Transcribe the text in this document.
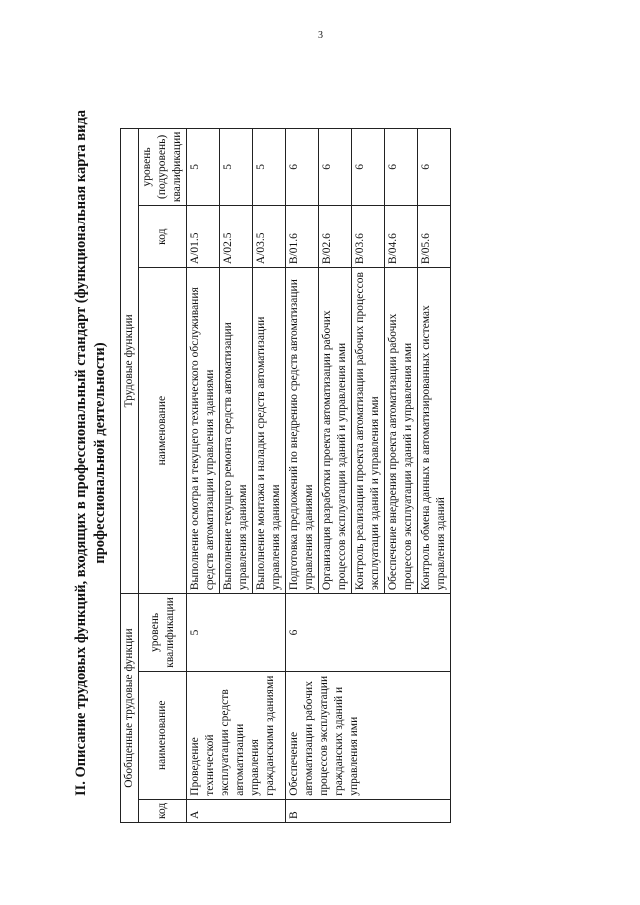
3
II. Описание трудовых функций, входящих в профессиональный стандарт (функциональная карта вида профессиональной деятельности)
Обобщенные трудовые функции			Трудовые функции		
код	наименование	уровень квалификации	наименование	код	уровень (подуровень) квалификации
A	Проведение технической эксплуатации средств автоматизации управления гражданскими зданиями	5	Выполнение осмотра и текущего технического обслуживания средств автоматизации управления зданиями	A/01.5	5
			Выполнение текущего ремонта средств автоматизации управления зданиями	A/02.5	5
			Выполнение монтажа и наладки средств автоматизации управления зданиями	A/03.5	5
B	Обеспечение автоматизации рабочих процессов эксплуатации гражданских зданий и управления ими	6	Подготовка предложений по внедрению средств автоматизации управления зданиями	B/01.6	6
			Организация разработки проекта автоматизации рабочих процессов эксплуатации зданий и управления ими	B/02.6	6
			Контроль реализации проекта автоматизации рабочих процессов эксплуатации зданий и управления ими	B/03.6	6
			Обеспечение внедрения проекта автоматизации рабочих процессов эксплуатации зданий и управления ими	B/04.6	6
			Контроль обмена данных в автоматизированных системах управления зданий	B/05.6	6
